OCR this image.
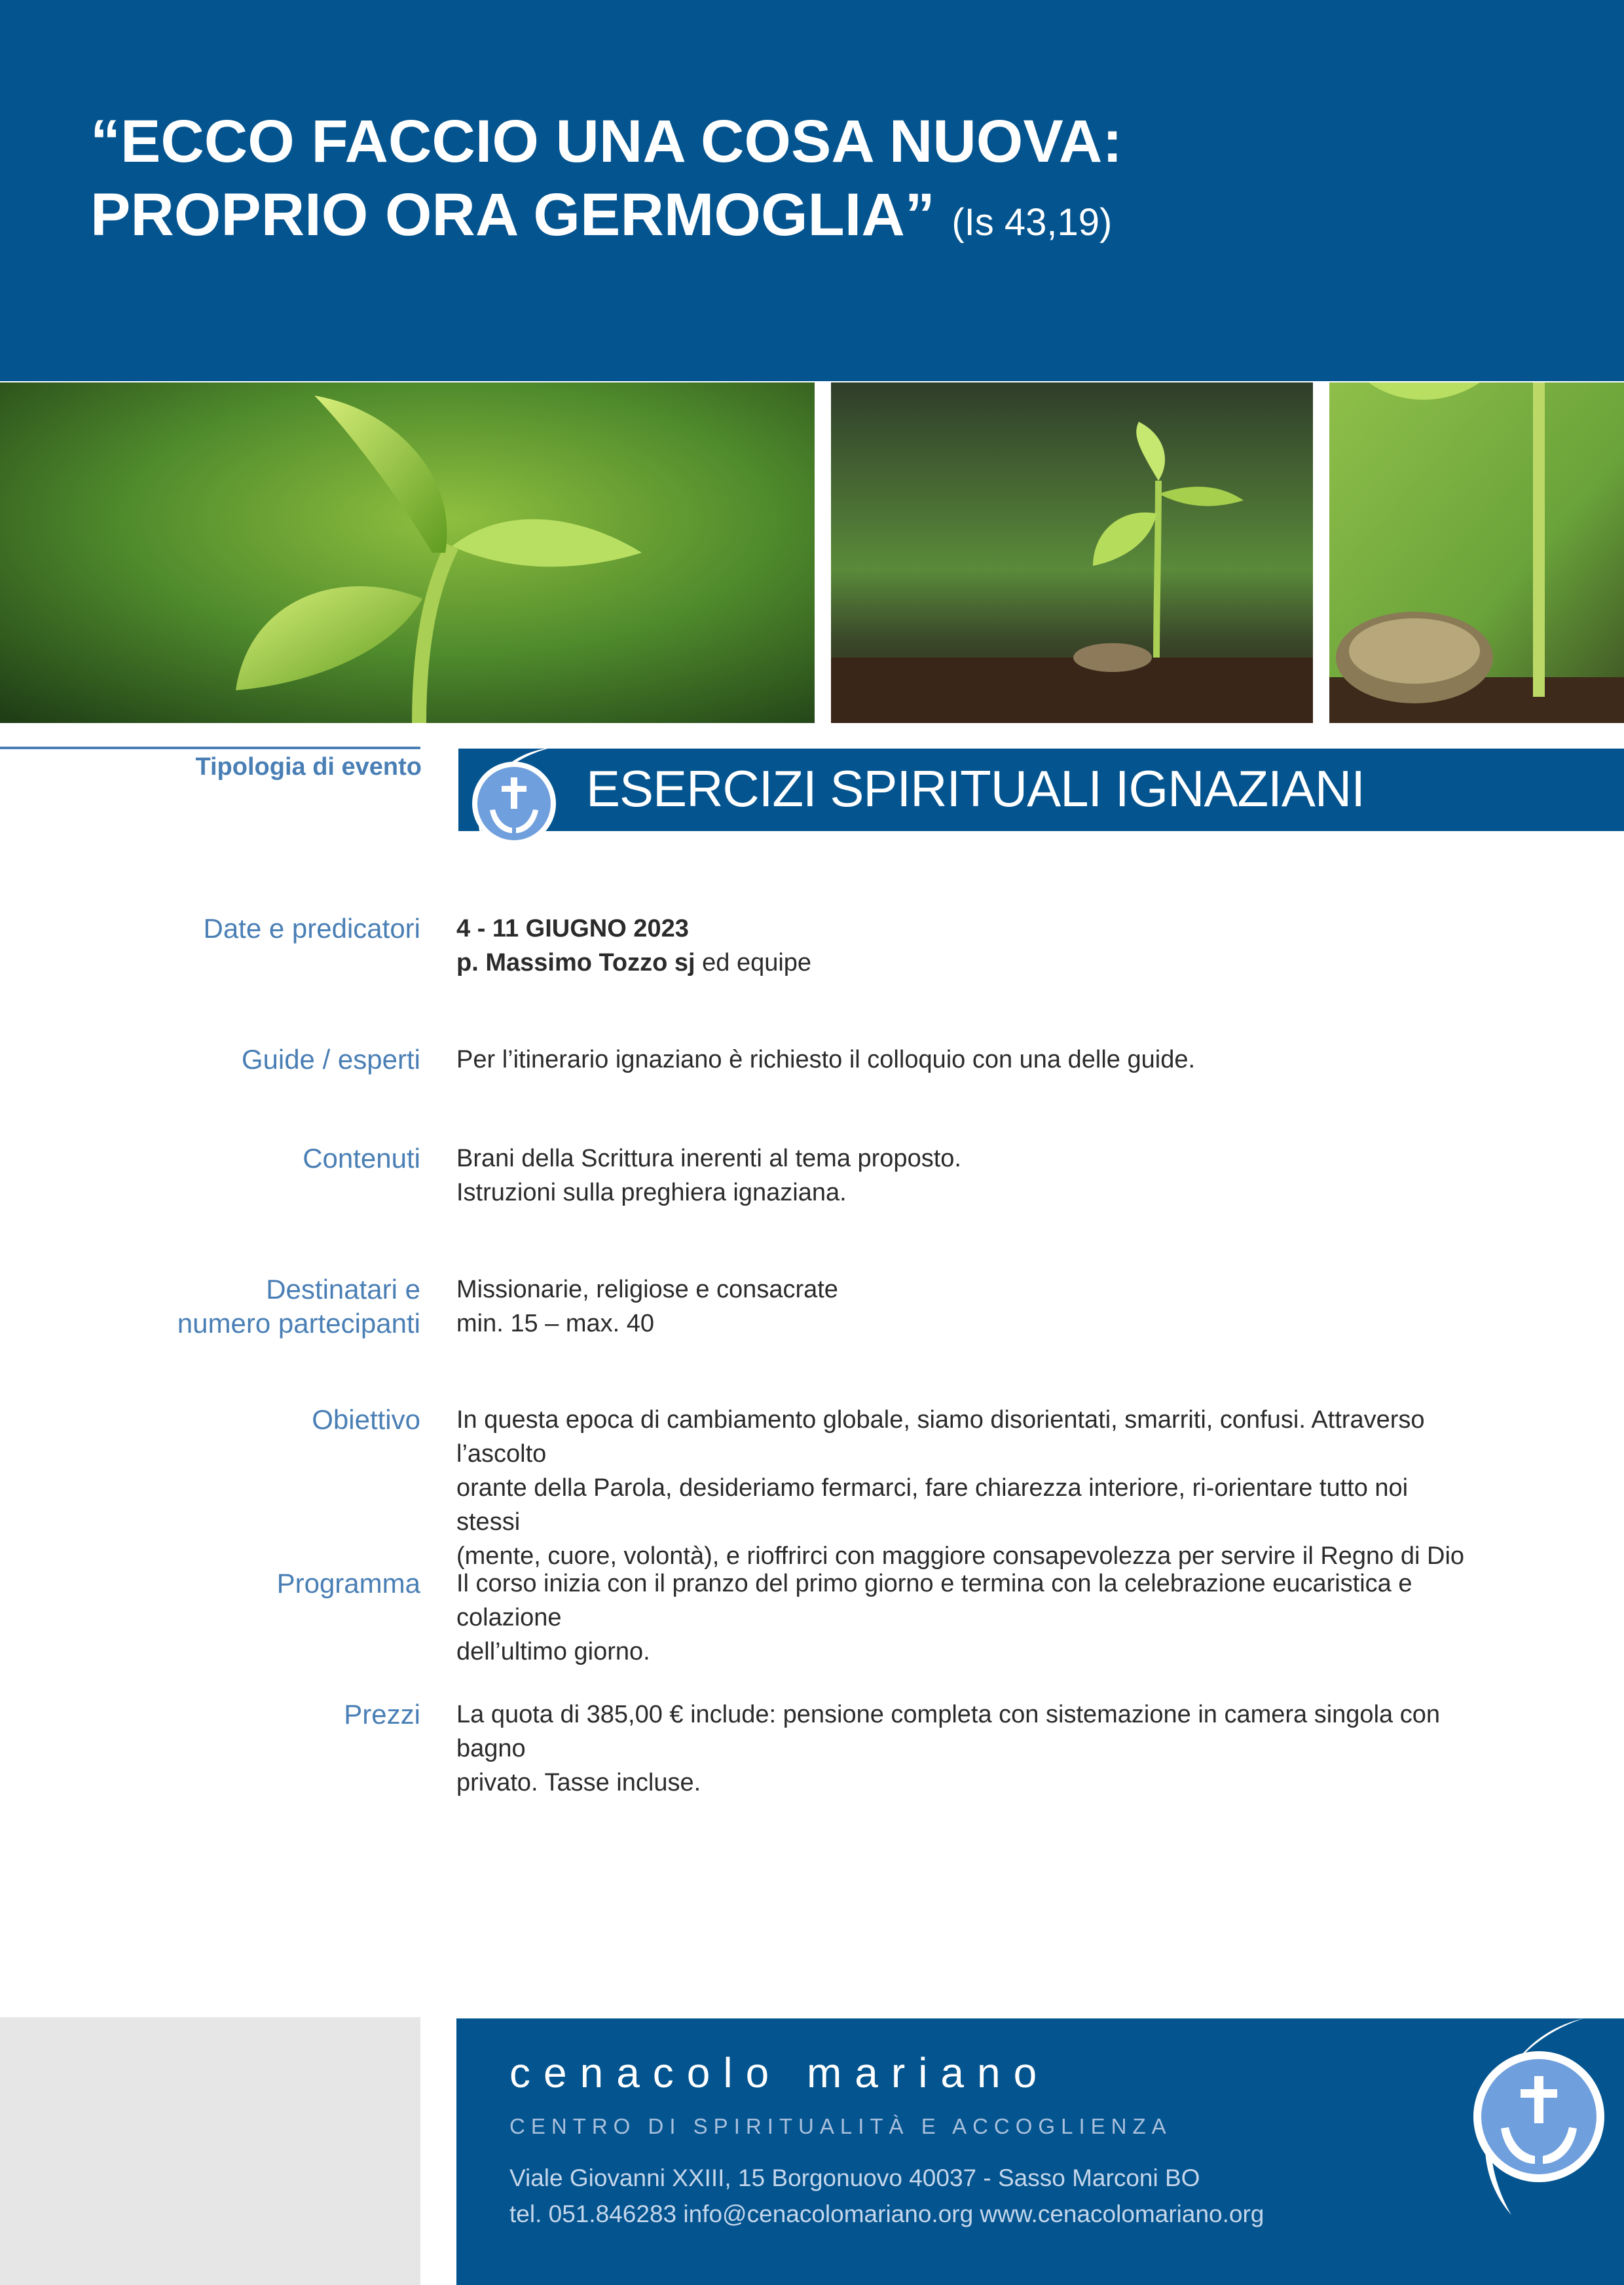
“ECCO FACCIO UNA COSA NUOVA:
PROPRIO ORA GERMOGLIA” (Is 43,19)
Tipologia di evento	ESERCIZI SPIRITUALI IGNAZIANI
Date e predicatori 4 - 11 GIUGNO 2023
p. Massimo Tozzo sj ed equipe
Guide / esperti Per l’itinerario ignaziano è richiesto il colloquio con una delle guide.
Contenuti Brani della Scrittura inerenti al tema proposto.
Istruzioni sulla preghiera ignaziana.
Destinatari e
numero partecipanti
Missionarie, religiose e consacrate
min. 15 – max. 40
Obiettivo In questa epoca di cambiamento globale, siamo disorientati, smarriti, confusi. Attraverso l’ascolto
orante della Parola, desideriamo fermarci, fare chiarezza interiore, ri-orientare tutto noi stessi
(mente, cuore, volontà), e rioffrirci con maggiore consapevolezza per servire il Regno di Dio
Programma Il corso inizia con il pranzo del primo giorno e termina con la celebrazione eucaristica e colazione
dell’ultimo giorno.
Prezzi La quota di 385,00 € include: pensione completa con sistemazione in camera singola con bagno
privato. Tasse incluse.
cenacolo mariano
CENTRO DI SPIRITUALITÀ E ACCOGLIENZA
Viale Giovanni XXIII, 15 Borgonuovo 40037 - Sasso Marconi BO
tel. 051.846283 info@cenacolomariano.org www.cenacolomariano.org
